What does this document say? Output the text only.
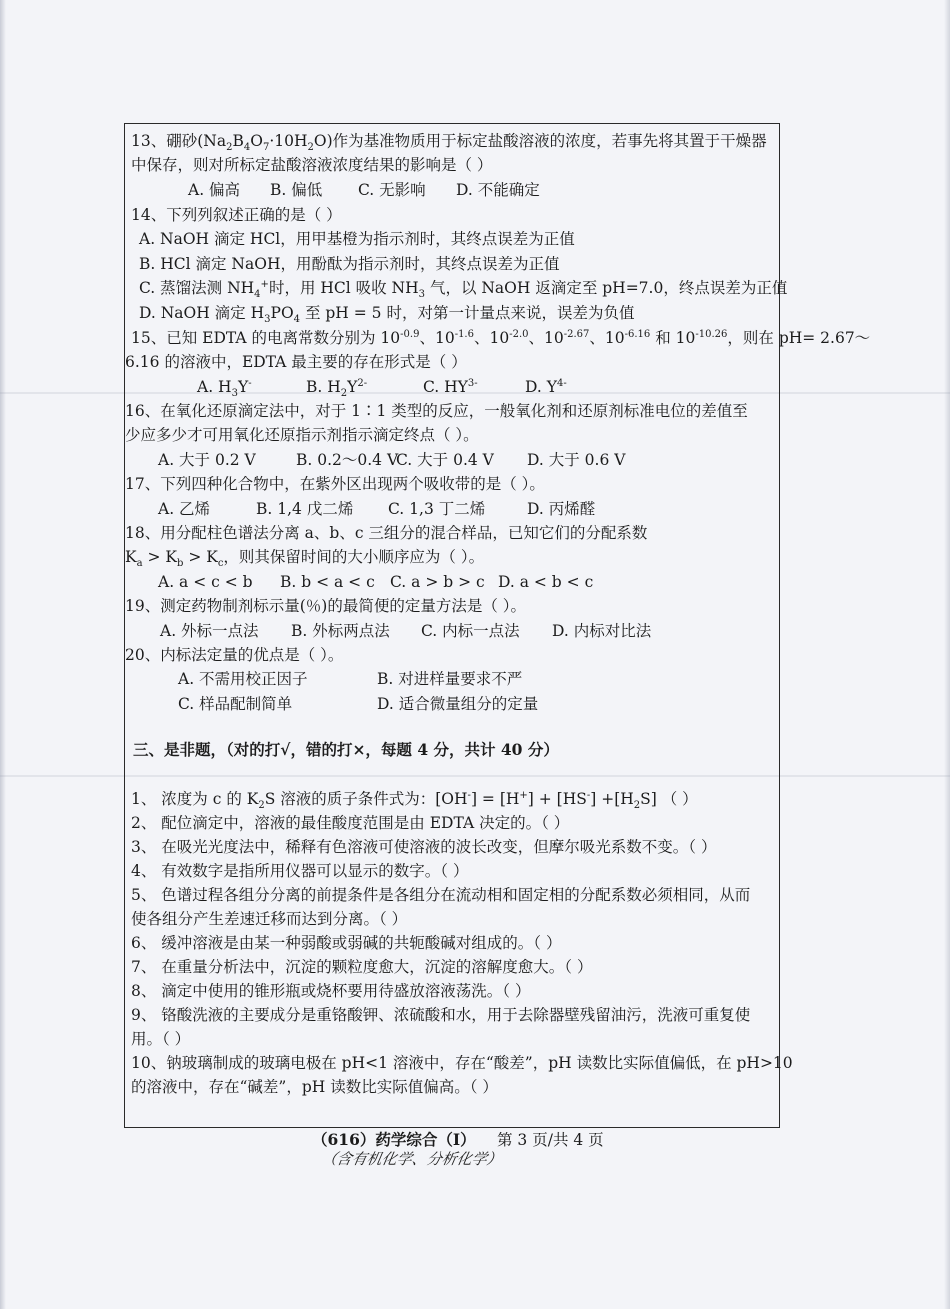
13、硼砂$(Na_2B_4O_7\cdot 10H_2O)$作为基准物质用于标定盐酸溶液的浓度，若事先将其置于干燥器
中保存，则对所标定盐酸溶液浓度结果的影响是（ ）
A. 偏高 B. 偏低 C. 无影响 D. 不能确定
14、下列列叙述正确的是（ ）
A. NaOH 滴定 HCl，用甲基橙为指示剂时，其终点误差为正值
B. HCl 滴定 NaOH，用酚酞为指示剂时，其终点误差为正值
C. 蒸馏法测 $NH_4^+$时，用 HCl 吸收 $NH_3$ 气，以 NaOH 返滴定至 pH=7.0，终点误差为正值
D. NaOH 滴定 $H_3PO_4$ 至 pH = 5 时，对第一计量点来说，误差为负值
15、已知 EDTA 的电离常数分别为 $10^{-0.9}$、$10^{-1.6}$、$10^{-2.0}$、$10^{-2.67}$、$10^{-6.16}$ 和 $10^{-10.26}$，则在 pH= 2.67～
6.16 的溶液中，EDTA 最主要的存在形式是（ ）
A. $H_3Y^-$	B. $H_2Y^{2-}$	C. $HY^{3-}$	D. $Y^{4-}$
16、在氧化还原滴定法中，对于 1∶1 类型的反应，一般氧化剂和还原剂标准电位的差值至
少应多少才可用氧化还原指示剂指示滴定终点（ ）。
A. 大于 0.2 V	B. 0.2～0.4 V
C. 大于 0.4 V D. 大于 0.6 V
17、下列四种化合物中，在紫外区出现两个吸收带的是（ ）。
A. 乙烯	B. 1,4 戊二烯 C. 1,3 丁二烯	D. 丙烯醛
18、用分配柱色谱法分离 a、b、c 三组分的混合样品，已知它们的分配系数
$K_a > K_b > K_c$，则其保留时间的大小顺序应为（ ）。
A. a < c < b B. b < a < c C. a > b > c D. a < b < c
19、测定药物制剂标示量(％)的最简便的定量方法是（ ）。
A. 外标一点法 B. 外标两点法 C. 内标一点法 D. 内标对比法
20、内标法定量的优点是（ ）。
A. 不需用校正因子	B. 对进样量要求不严
C. 样品配制简单	D. 适合微量组分的定量
三、是非题，（对的打√，错的打×，每题 4 分，共计 40 分）
1、 浓度为 c 的 $K_2S$ 溶液的质子条件式为：$[OH^-] = [H^+] + [HS^-] +[H_2S]$ （ ）
2、 配位滴定中，溶液的最佳酸度范围是由 EDTA 决定的。（ ）
3、 在吸光光度法中，稀释有色溶液可使溶液的波长改变，但摩尔吸光系数不变。（ ）
4、 有效数字是指所用仪器可以显示的数字。（ ）
5、 色谱过程各组分分离的前提条件是各组分在流动相和固定相的分配系数必须相同，从而
使各组分产生差速迁移而达到分离。（ ）
6、 缓冲溶液是由某一种弱酸或弱碱的共轭酸碱对组成的。（ ）
7、 在重量分析法中，沉淀的颗粒度愈大，沉淀的溶解度愈大。（ ）
8、 滴定中使用的锥形瓶或烧杯要用待盛放溶液荡洗。（ ）
9、 铬酸洗液的主要成分是重铬酸钾、浓硫酸和水，用于去除器壁残留油污，洗液可重复使
用。（ ）
10、钠玻璃制成的玻璃电极在 pH<1 溶液中，存在“酸差”，pH 读数比实际值偏低，在 pH>10
的溶液中，存在“碱差”，pH 读数比实际值偏高。（ ）
（616）药学综合（I） 第 3 页/共 4 页
（含有机化学、分析化学）
